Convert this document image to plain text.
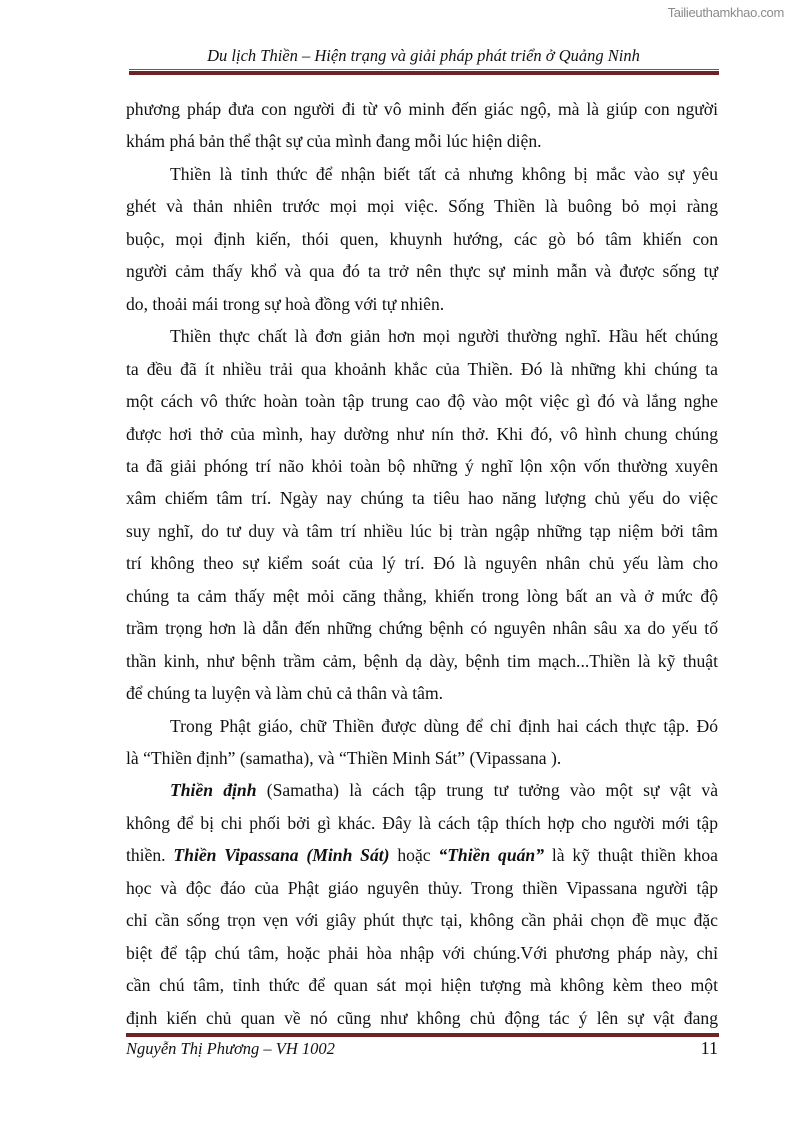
Tailieuthamkhao.com
Du lịch Thiền – Hiện trạng và giải pháp phát triển ở Quảng Ninh
phương pháp đưa con người đi từ vô minh đến giác ngộ, mà là giúp con người
khám phá bản thể thật sự của mình đang mỗi lúc hiện diện.
Thiền là tỉnh thức để nhận biết tất cả nhưng không bị mắc vào sự yêu
ghét và thản nhiên trước mọi mọi việc. Sống Thiền là buông bỏ mọi ràng
buộc, mọi định kiến, thói quen, khuynh hướng, các gò bó tâm khiến con
người cảm thấy khổ và qua đó ta trở nên thực sự minh mẫn và được sống tự
do, thoải mái trong sự hoà đồng với tự nhiên.
Thiền thực chất là đơn giản hơn mọi người thường nghĩ. Hầu hết chúng
ta đều đã ít nhiều trải qua khoảnh khắc của Thiền. Đó là những khi chúng ta
một cách vô thức hoàn toàn tập trung cao độ vào một việc gì đó và lắng nghe
được hơi thở của mình, hay dường như nín thở. Khi đó, vô hình chung chúng
ta đã giải phóng trí não khỏi toàn bộ những ý nghĩ lộn xộn vốn thường xuyên
xâm chiếm tâm trí. Ngày nay chúng ta tiêu hao năng lượng chủ yếu do việc
suy nghĩ, do tư duy và tâm trí nhiều lúc bị tràn ngập những tạp niệm bởi tâm
trí không theo sự kiểm soát của lý trí. Đó là nguyên nhân chủ yếu làm cho
chúng ta cảm thấy mệt mỏi căng thẳng, khiến trong lòng bất an và ở mức độ
trầm trọng hơn là dẫn đến những chứng bệnh có nguyên nhân sâu xa do yếu tố
thần kinh, như bệnh trầm cảm, bệnh dạ dày, bệnh tim mạch...Thiền là kỹ thuật
để chúng ta luyện và làm chủ cả thân và tâm.
Trong Phật giáo, chữ Thiền được dùng để chỉ định hai cách thực tập. Đó
là “Thiền định” (samatha), và “Thiền Minh Sát” (Vipassana ).
Thiền định (Samatha) là cách tập trung tư tưởng vào một sự vật và
không để bị chi phối bởi gì khác. Đây là cách tập thích hợp cho người mới tập
thiền. Thiền Vipassana (Minh Sát) hoặc “Thiền quán” là kỹ thuật thiền khoa
học và độc đáo của Phật giáo nguyên thủy. Trong thiền Vipassana người tập
chỉ cần sống trọn vẹn với giây phút thực tại, không cần phải chọn đề mục đặc
biệt để tập chú tâm, hoặc phải hòa nhập với chúng.Với phương pháp này, chỉ
cần chú tâm, tỉnh thức để quan sát mọi hiện tượng mà không kèm theo một
định kiến chủ quan về nó cũng như không chủ động tác ý lên sự vật đang
Nguyễn Thị Phương – VH 1002	11
